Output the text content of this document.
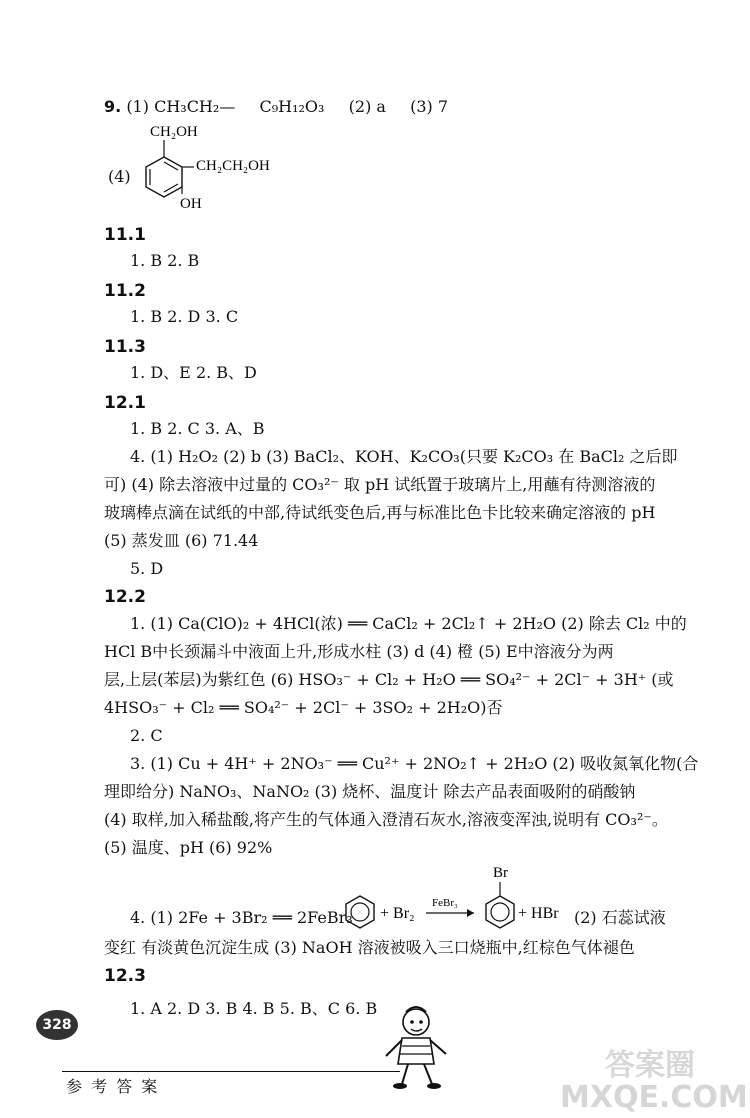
9. (1) CH₃CH₂— C₉H₁₂O₃ (2) a (3) 7
(4)
CH₂OH
CH₂CH₂OH
OH
11.1
1. B 2. B
11.2
1. B 2. D 3. C
11.3
1. D、E 2. B、D
12.1
1. B 2. C 3. A、B
4. (1) H₂O₂ (2) b (3) BaCl₂、KOH、K₂CO₃(只要 K₂CO₃ 在 BaCl₂ 之后即
可) (4) 除去溶液中过量的 CO₃²⁻ 取 pH 试纸置于玻璃片上,用蘸有待测溶液的
玻璃棒点滴在试纸的中部,待试纸变色后,再与标准比色卡比较来确定溶液的 pH
(5) 蒸发皿 (6) 71.44
5. D
12.2
1. (1) Ca(ClO)₂ + 4HCl(浓) ══ CaCl₂ + 2Cl₂↑ + 2H₂O (2) 除去 Cl₂ 中的
HCl B中长颈漏斗中液面上升,形成水柱 (3) d (4) 橙 (5) E中溶液分为两
层,上层(苯层)为紫红色 (6) HSO₃⁻ + Cl₂ + H₂O ══ SO₄²⁻ + 2Cl⁻ + 3H⁺ (或
4HSO₃⁻ + Cl₂ ══ SO₄²⁻ + 2Cl⁻ + 3SO₂ + 2H₂O)否
2. C
3. (1) Cu + 4H⁺ + 2NO₃⁻ ══ Cu²⁺ + 2NO₂↑ + 2H₂O (2) 吸收氮氧化物(合
理即给分) NaNO₃、NaNO₂ (3) 烧杯、温度计 除去产品表面吸附的硝酸钠
(4) 取样,加入稀盐酸,将产生的气体通入澄清石灰水,溶液变浑浊,说明有 CO₃²⁻。
(5) 温度、pH (6) 92%
4. (1) 2Fe + 3Br₂ ══ 2FeBr₃ + Br₂
FeBr₃
Br
+ HBr (2) 石蕊试液
变红 有淡黄色沉淀生成 (3) NaOH 溶液被吸入三口烧瓶中,红棕色气体褪色
12.3
1. A 2. D 3. B 4. B 5. B、C 6. B
328
参 考 答 案
答案圈 MXQE.COM
